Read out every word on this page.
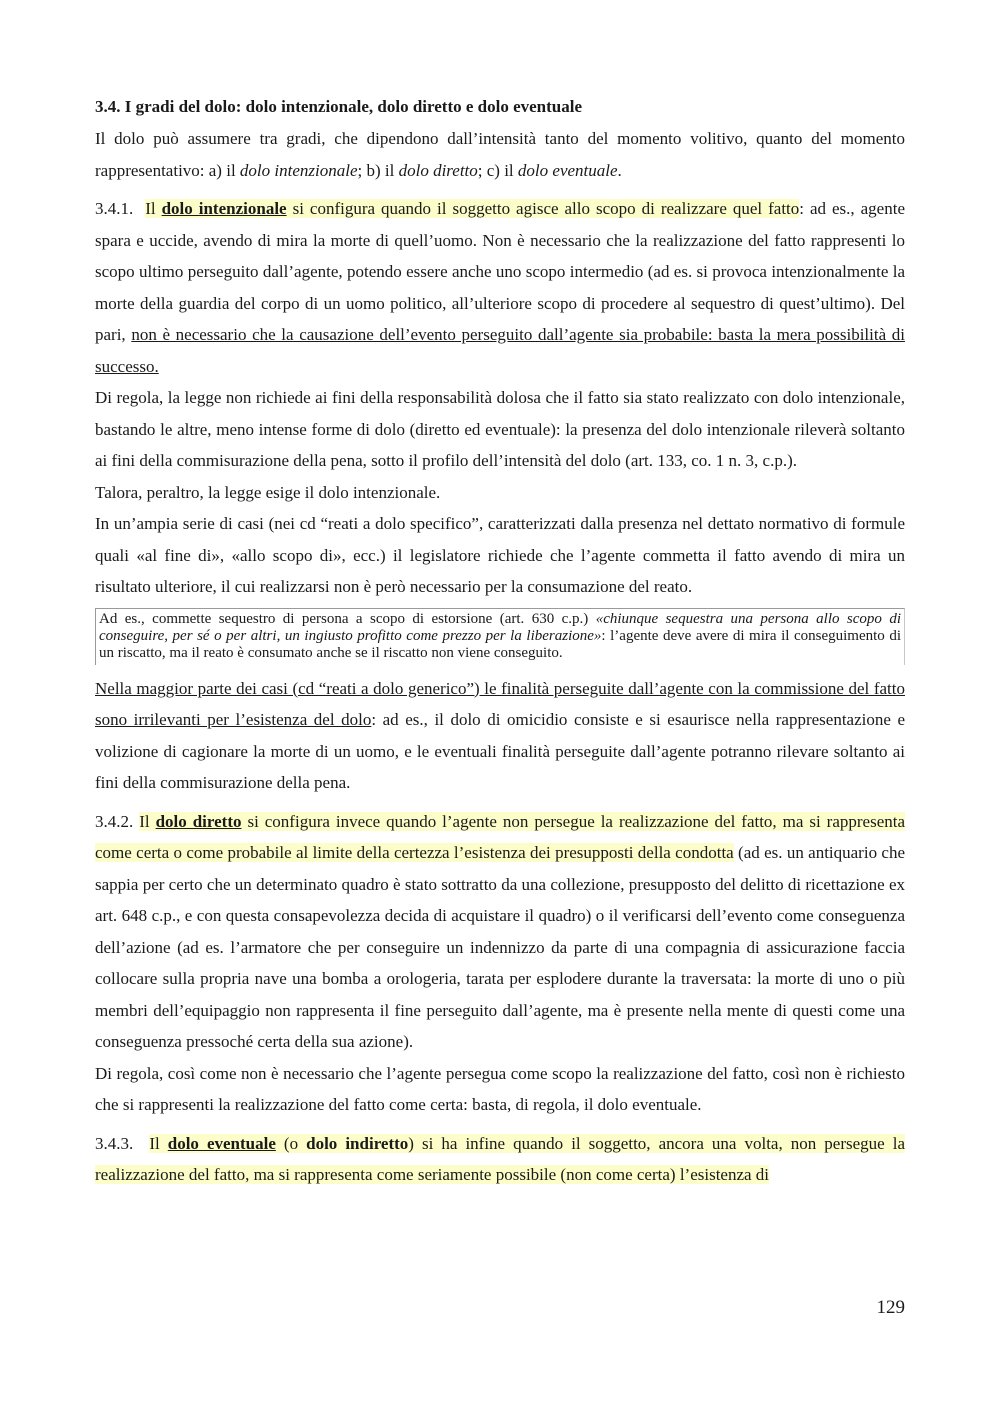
3.4. I gradi del dolo: dolo intenzionale, dolo diretto e dolo eventuale

Il dolo può assumere tra gradi, che dipendono dall’intensità tanto del momento volitivo, quanto del momento rappresentativo: a) il dolo intenzionale; b) il dolo diretto; c) il dolo eventuale.

3.4.1. Il dolo intenzionale si configura quando il soggetto agisce allo scopo di realizzare quel fatto: ad es., agente spara e uccide, avendo di mira la morte di quell’uomo. Non è necessario che la realizzazione del fatto rappresenti lo scopo ultimo perseguito dall’agente, potendo essere anche uno scopo intermedio (ad es. si provoca intenzionalmente la morte della guardia del corpo di un uomo politico, all’ulteriore scopo di procedere al sequestro di quest’ultimo). Del pari, non è necessario che la causazione dell’evento perseguito dall’agente sia probabile: basta la mera possibilità di successo.

Di regola, la legge non richiede ai fini della responsabilità dolosa che il fatto sia stato realizzato con dolo intenzionale, bastando le altre, meno intense forme di dolo (diretto ed eventuale): la presenza del dolo intenzionale rileverà soltanto ai fini della commisurazione della pena, sotto il profilo dell’intensità del dolo (art. 133, co. 1 n. 3, c.p.).

Talora, peraltro, la legge esige il dolo intenzionale.

In un’ampia serie di casi (nei cd “reati a dolo specifico”, caratterizzati dalla presenza nel dettato normativo di formule quali «al fine di», «allo scopo di», ecc.) il legislatore richiede che l’agente commetta il fatto avendo di mira un risultato ulteriore, il cui realizzarsi non è però necessario per la consumazione del reato.

Ad es., commette sequestro di persona a scopo di estorsione (art. 630 c.p.) «chiunque sequestra una persona allo scopo di conseguire, per sé o per altri, un ingiusto profitto come prezzo per la liberazione»: l’agente deve avere di mira il conseguimento di un riscatto, ma il reato è consumato anche se il riscatto non viene conseguito.

Nella maggior parte dei casi (cd “reati a dolo generico”) le finalità perseguite dall’agente con la commissione del fatto sono irrilevanti per l’esistenza del dolo: ad es., il dolo di omicidio consiste e si esaurisce nella rappresentazione e volizione di cagionare la morte di un uomo, e le eventuali finalità perseguite dall’agente potranno rilevare soltanto ai fini della commisurazione della pena.

3.4.2. Il dolo diretto si configura invece quando l’agente non persegue la realizzazione del fatto, ma si rappresenta come certa o come probabile al limite della certezza l’esistenza dei presupposti della condotta (ad es. un antiquario che sappia per certo che un determinato quadro è stato sottratto da una collezione, presupposto del delitto di ricettazione ex art. 648 c.p., e con questa consapevolezza decida di acquistare il quadro) o il verificarsi dell’evento come conseguenza dell’azione (ad es. l’armatore che per conseguire un indennizzo da parte di una compagnia di assicurazione faccia collocare sulla propria nave una bomba a orologeria, tarata per esplodere durante la traversata: la morte di uno o più membri dell’equipaggio non rappresenta il fine perseguito dall’agente, ma è presente nella mente di questi come una conseguenza pressoché certa della sua azione).

Di regola, così come non è necessario che l’agente persegua come scopo la realizzazione del fatto, così non è richiesto che si rappresenti la realizzazione del fatto come certa: basta, di regola, il dolo eventuale.

3.4.3. Il dolo eventuale (o dolo indiretto) si ha infine quando il soggetto, ancora una volta, non persegue la realizzazione del fatto, ma si rappresenta come seriamente possibile (non come certa) l’esistenza di

129
